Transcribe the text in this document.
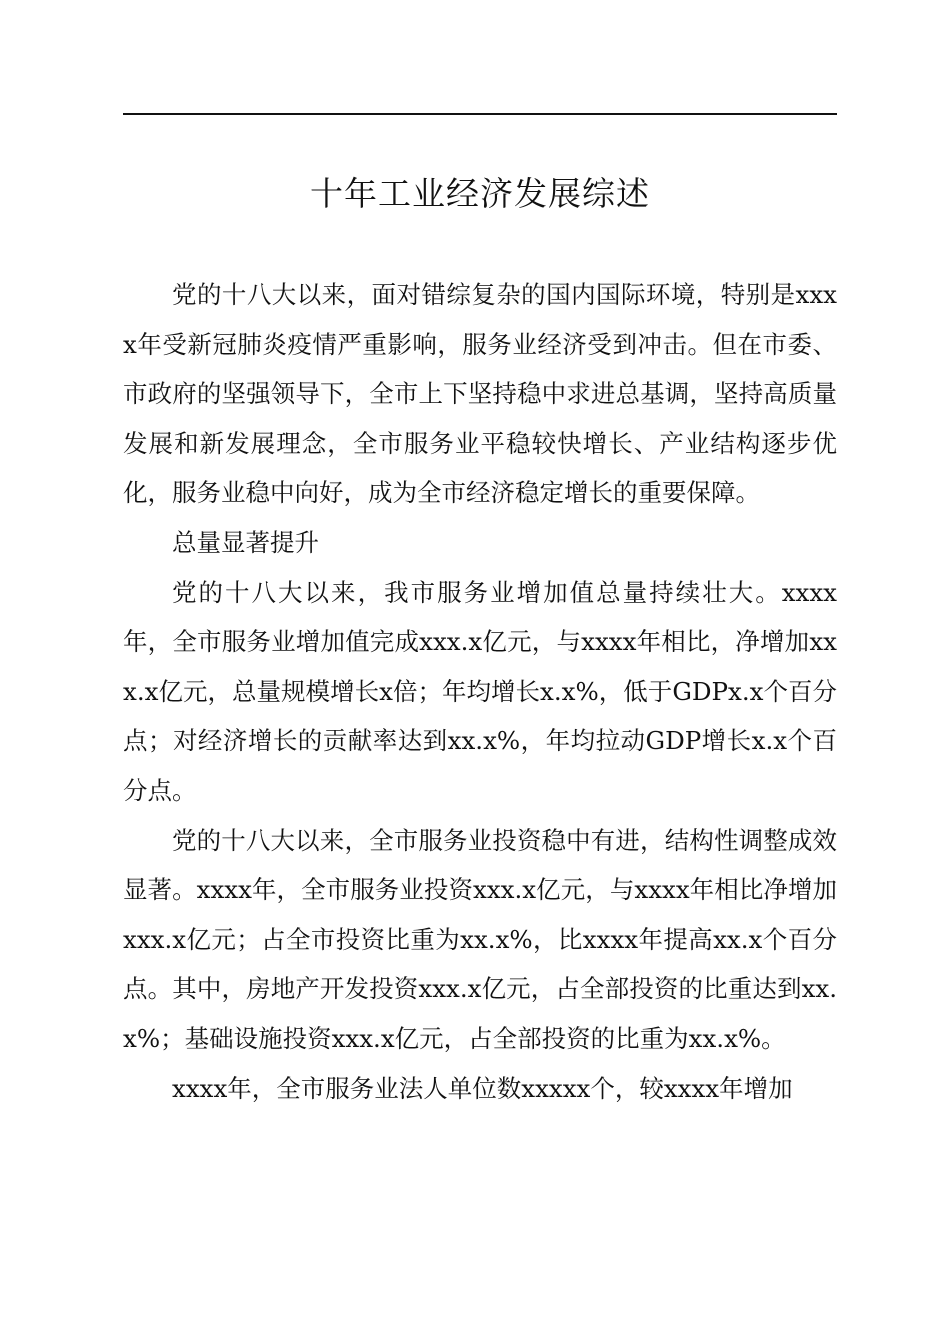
十年工业经济发展综述

党的十八大以来，面对错综复杂的国内国际环境，特别是xxxx年受新冠肺炎疫情严重影响，服务业经济受到冲击。但在市委、市政府的坚强领导下，全市上下坚持稳中求进总基调，坚持高质量发展和新发展理念，全市服务业平稳较快增长、产业结构逐步优化，服务业稳中向好，成为全市经济稳定增长的重要保障。

总量显著提升

党的十八大以来，我市服务业增加值总量持续壮大。xxxx年，全市服务业增加值完成xxx.x亿元，与xxxx年相比，净增加xxx.x亿元，总量规模增长x倍；年均增长x.x%，低于GDPx.x个百分点；对经济增长的贡献率达到xx.x%，年均拉动GDP增长x.x个百分点。

党的十八大以来，全市服务业投资稳中有进，结构性调整成效显著。xxxx年，全市服务业投资xxx.x亿元，与xxxx年相比净增加xxx.x亿元；占全市投资比重为xx.x%，比xxxx年提高xx.x个百分点。其中，房地产开发投资xxx.x亿元，占全部投资的比重达到xx.x%；基础设施投资xxx.x亿元，占全部投资的比重为xx.x%。

xxxx年，全市服务业法人单位数xxxxx个，较xxxx年增加
